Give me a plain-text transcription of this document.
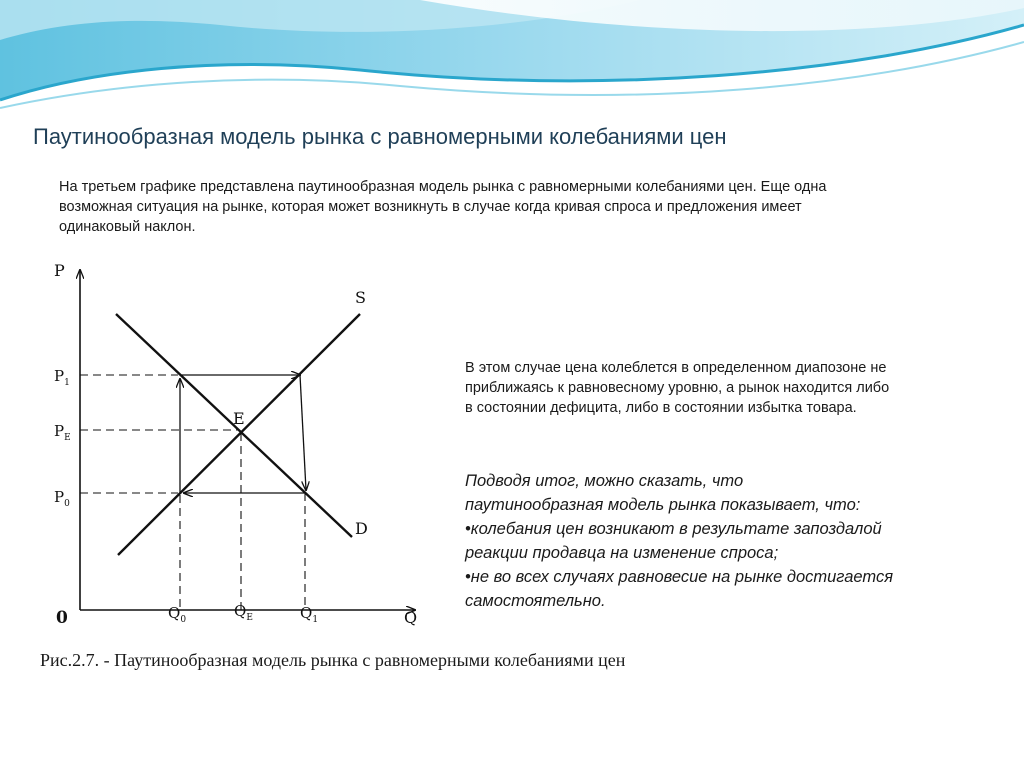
Паутинообразная модель рынка с равномерными колебаниями цен
На третьем графике представлена паутинообразная модель рынка с равномерными колебаниями цен. Еще одна
возможная ситуация на рынке, которая может возникнуть в случае когда кривая спроса и предложения имеет
одинаковый наклон.
P
Q
0
S
D
E
$P_1$
$P_E$
$P_0$
$Q_0$	$Q_E$	$Q_1$
В этом случае цена колеблется в определенном диапозоне не
приближаясь к равновесному уровню, а рынок находится либо
в состоянии дефицита, либо в состоянии избытка товара.
Подводя итог, можно сказать, что
паутинообразная модель рынка показывает, что:
•колебания цен возникают в результате запоздалой
реакции продавца на изменение спроса;
•не во всех случаях равновесие на рынке достигается
самостоятельно.
Рис.2.7. - Паутинообразная модель рынка с равномерными колебаниями цен
